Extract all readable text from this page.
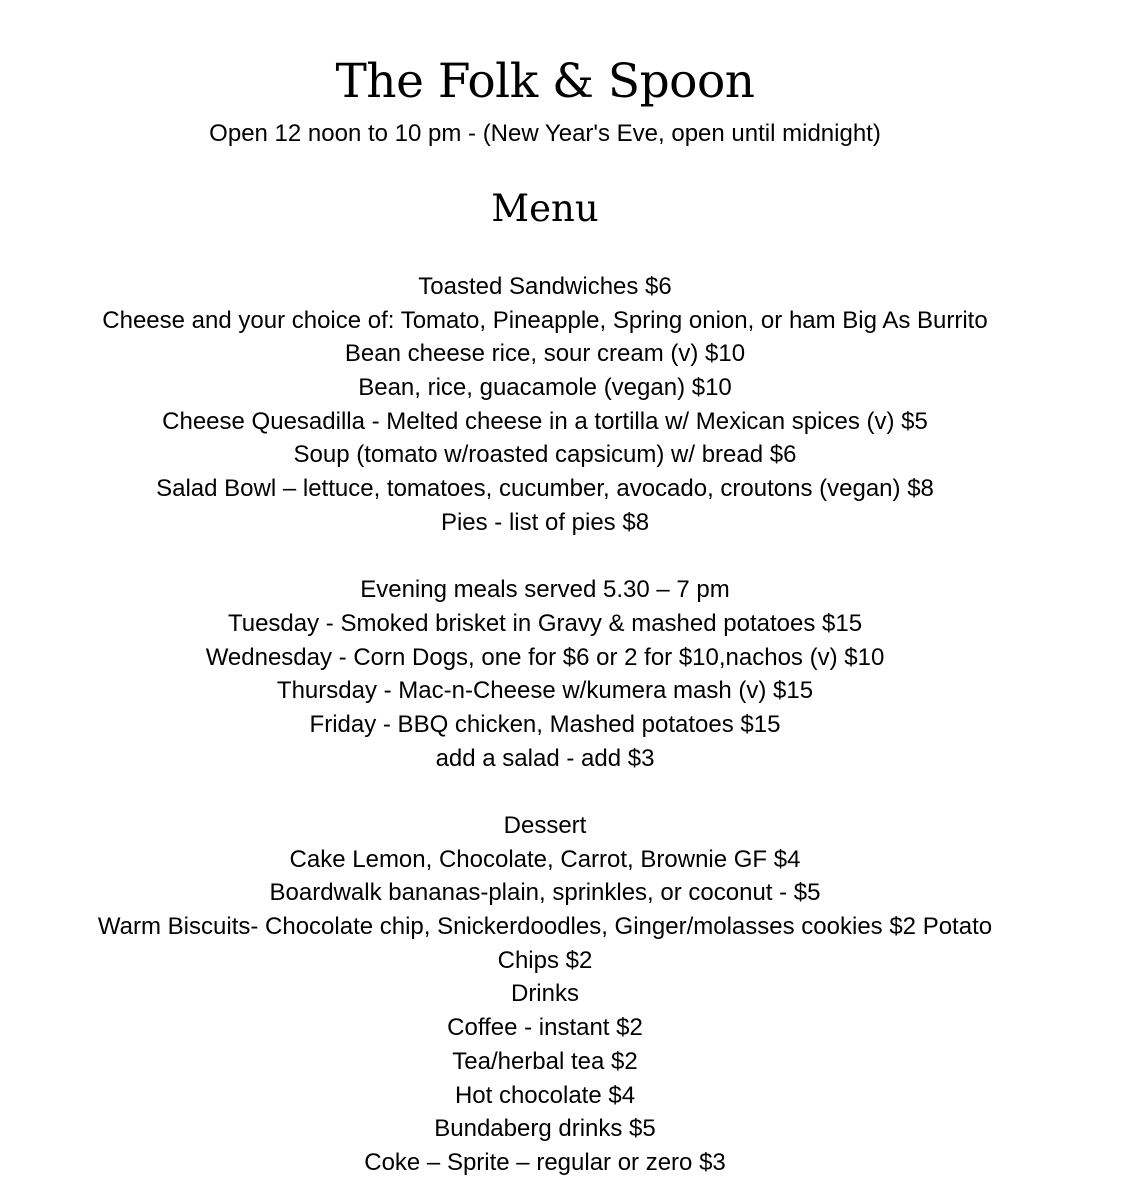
The Folk & Spoon

Open 12 noon to 10 pm - (New Year's Eve, open until midnight)

Menu
Toasted Sandwiches $6
Cheese and your choice of: Tomato, Pineapple, Spring onion, or ham Big As Burrito
Bean cheese rice, sour cream (v) $10
Bean, rice, guacamole (vegan) $10
Cheese Quesadilla - Melted cheese in a tortilla w/ Mexican spices (v) $5
Soup (tomato w/roasted capsicum) w/ bread $6
Salad Bowl – lettuce, tomatoes, cucumber, avocado, croutons (vegan) $8
Pies - list of pies $8
Evening meals served 5.30 – 7 pm
Tuesday - Smoked brisket in Gravy & mashed potatoes $15
Wednesday - Corn Dogs, one for $6 or 2 for $10,nachos (v) $10
Thursday - Mac-n-Cheese w/kumera mash (v) $15
Friday - BBQ chicken, Mashed potatoes $15
add a salad - add $3
Dessert
Cake Lemon, Chocolate, Carrot, Brownie GF $4
Boardwalk bananas-plain, sprinkles, or coconut - $5
Warm Biscuits- Chocolate chip, Snickerdoodles, Ginger/molasses cookies $2 Potato
Chips $2
Drinks
Coffee - instant $2
Tea/herbal tea $2
Hot chocolate $4
Bundaberg drinks $5
Coke – Sprite – regular or zero $3
